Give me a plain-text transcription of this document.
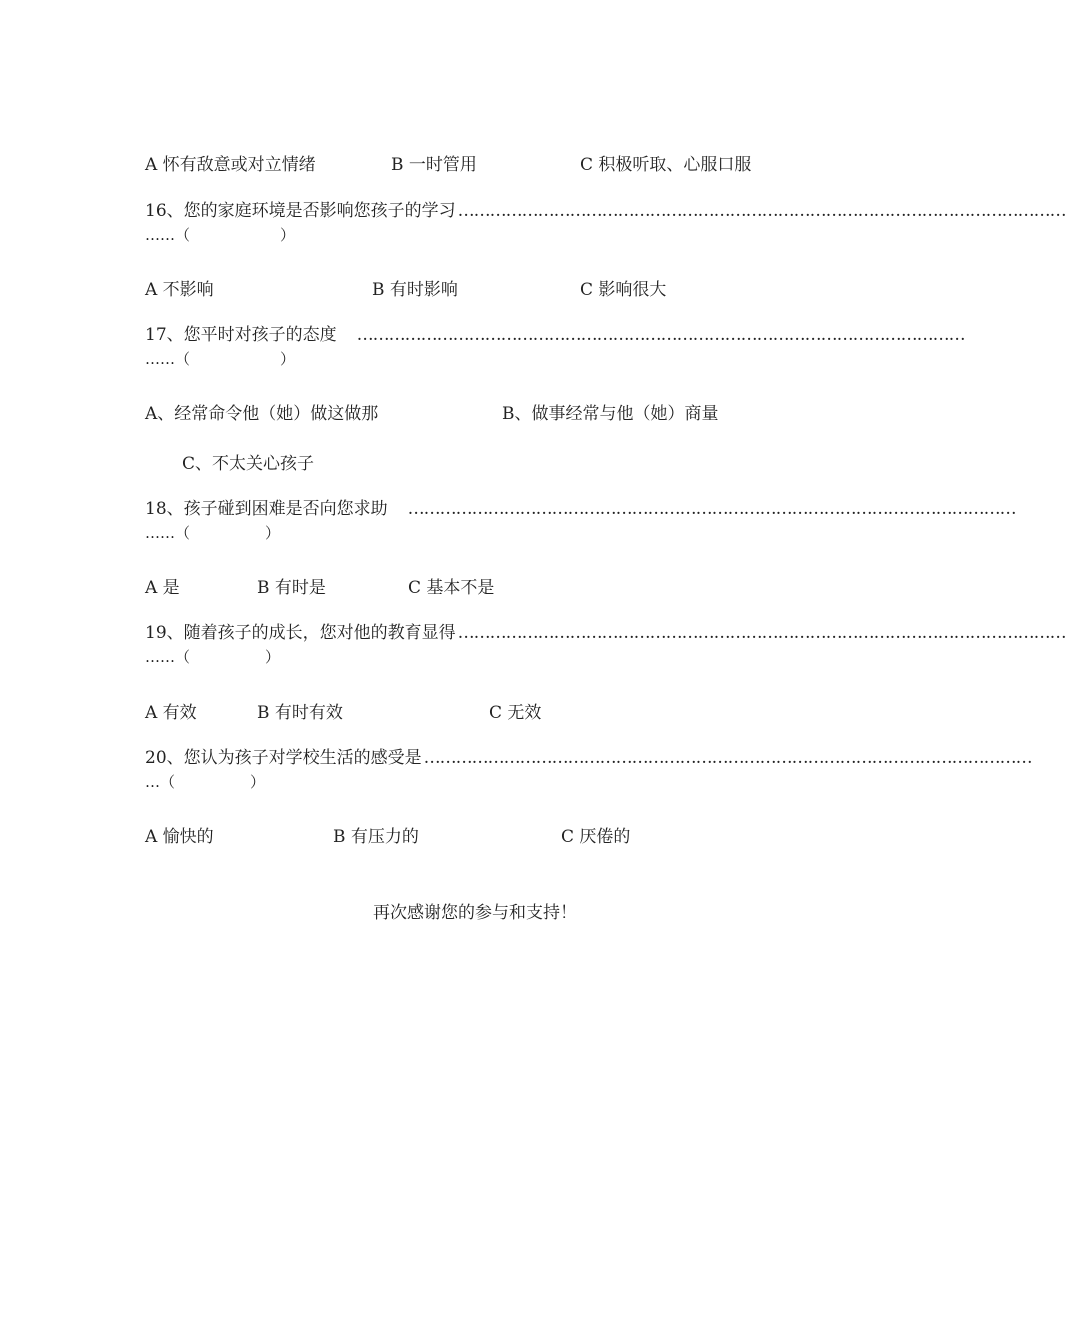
A 怀有敌意或对立情绪	B 一时管用	C 积极听取、心服口服
16、您的家庭环境是否影响您孩子的学习 ……………………………………………………………………………………………………
……（　　　　　　）
A 不影响	B 有时影响	C 影响很大
17、您平时对孩子的态度 ……………………………………………………………………………………………………
……（　　　　　　）
A、经常命令他（她）做这做那	B、做事经常与他（她）商量
C、不太关心孩子
18、孩子碰到困难是否向您求助 ……………………………………………………………………………………………………
……（　　　　　）
A 是	B 有时是	C 基本不是
19、随着孩子的成长，您对他的教育显得 ……………………………………………………………………………………………………
……（　　　　　）
A 有效	B 有时有效	C 无效
20、您认为孩子对学校生活的感受是 ……………………………………………………………………………………………………
…（　　　　　）
A 愉快的	B 有压力的	C 厌倦的
再次感谢您的参与和支持！
